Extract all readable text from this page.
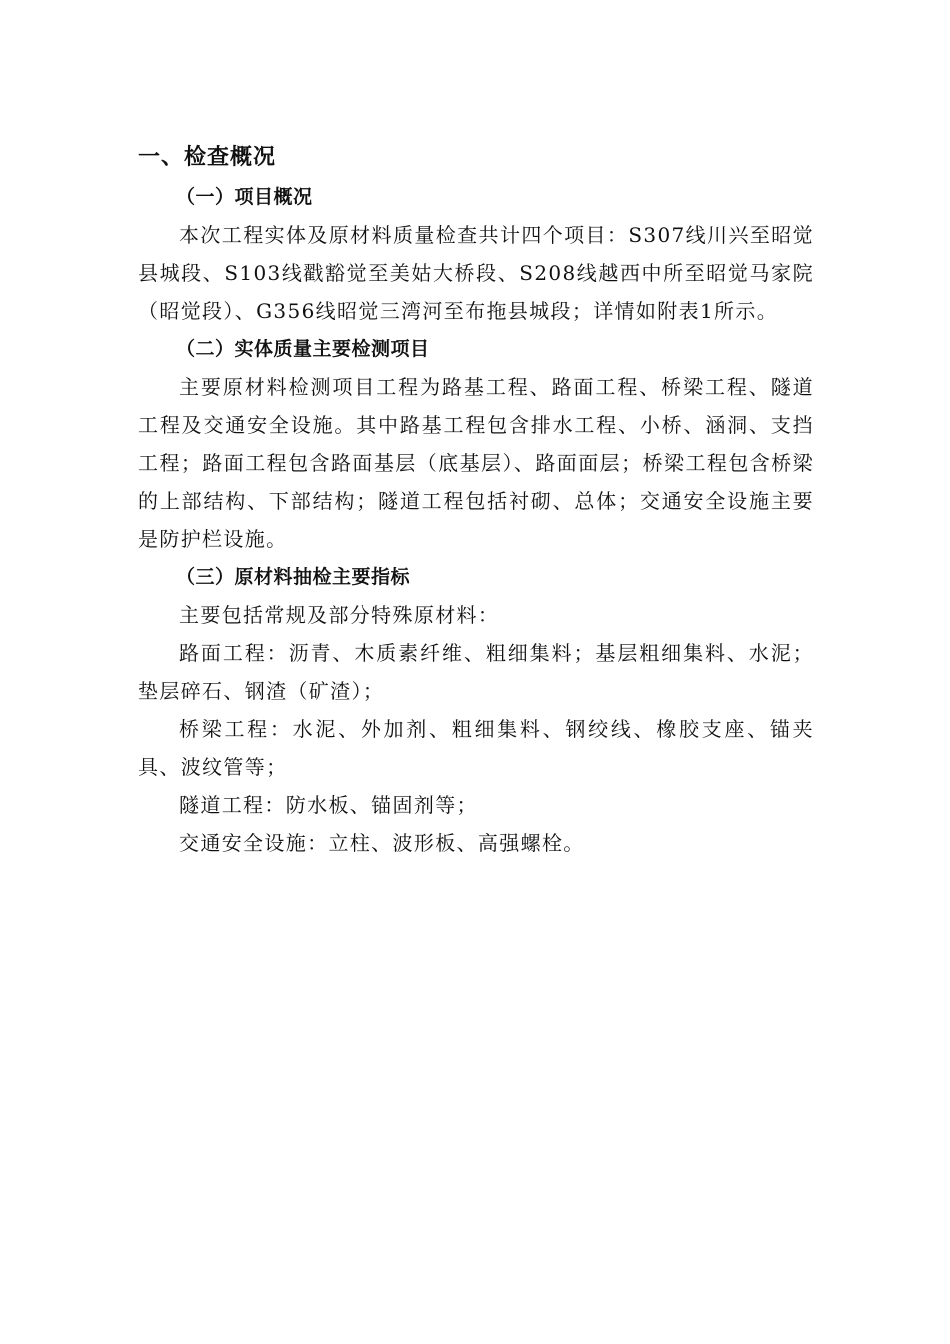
一、检查概况
（一）项目概况

本次工程实体及原材料质量检查共计四个项目：S307线川兴至昭觉县城段、S103线戳豁觉至美姑大桥段、S208线越西中所至昭觉马家院（昭觉段）、G356线昭觉三湾河至布拖县城段；详情如附表1所示。

（二）实体质量主要检测项目

主要原材料检测项目工程为路基工程、路面工程、桥梁工程、隧道工程及交通安全设施。其中路基工程包含排水工程、小桥、涵洞、支挡工程；路面工程包含路面基层（底基层）、路面面层；桥梁工程包含桥梁的上部结构、下部结构；隧道工程包括衬砌、总体；交通安全设施主要是防护栏设施。

（三）原材料抽检主要指标

主要包括常规及部分特殊原材料：

路面工程：沥青、木质素纤维、粗细集料；基层粗细集料、水泥；垫层碎石、钢渣（矿渣）；

桥梁工程：水泥、外加剂、粗细集料、钢绞线、橡胶支座、锚夹具、波纹管等；

隧道工程：防水板、锚固剂等；

交通安全设施：立柱、波形板、高强螺栓。
